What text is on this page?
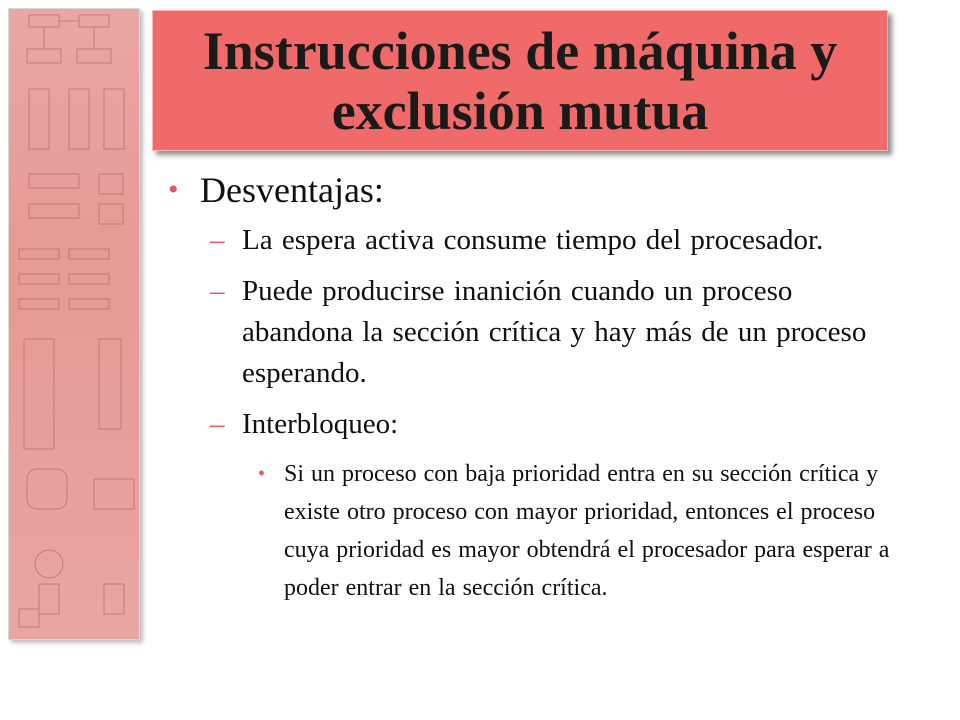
Instrucciones de máquina y
exclusión mutua
• Desventajas:
– La espera activa consume tiempo del procesador.
– Puede producirse inanición cuando un proceso abandona la sección crítica y hay más de un proceso esperando.
– Interbloqueo:
• Si un proceso con baja prioridad entra en su sección crítica y existe otro proceso con mayor prioridad, entonces el proceso cuya prioridad es mayor obtendrá el procesador para esperar a poder entrar en la sección crítica.
